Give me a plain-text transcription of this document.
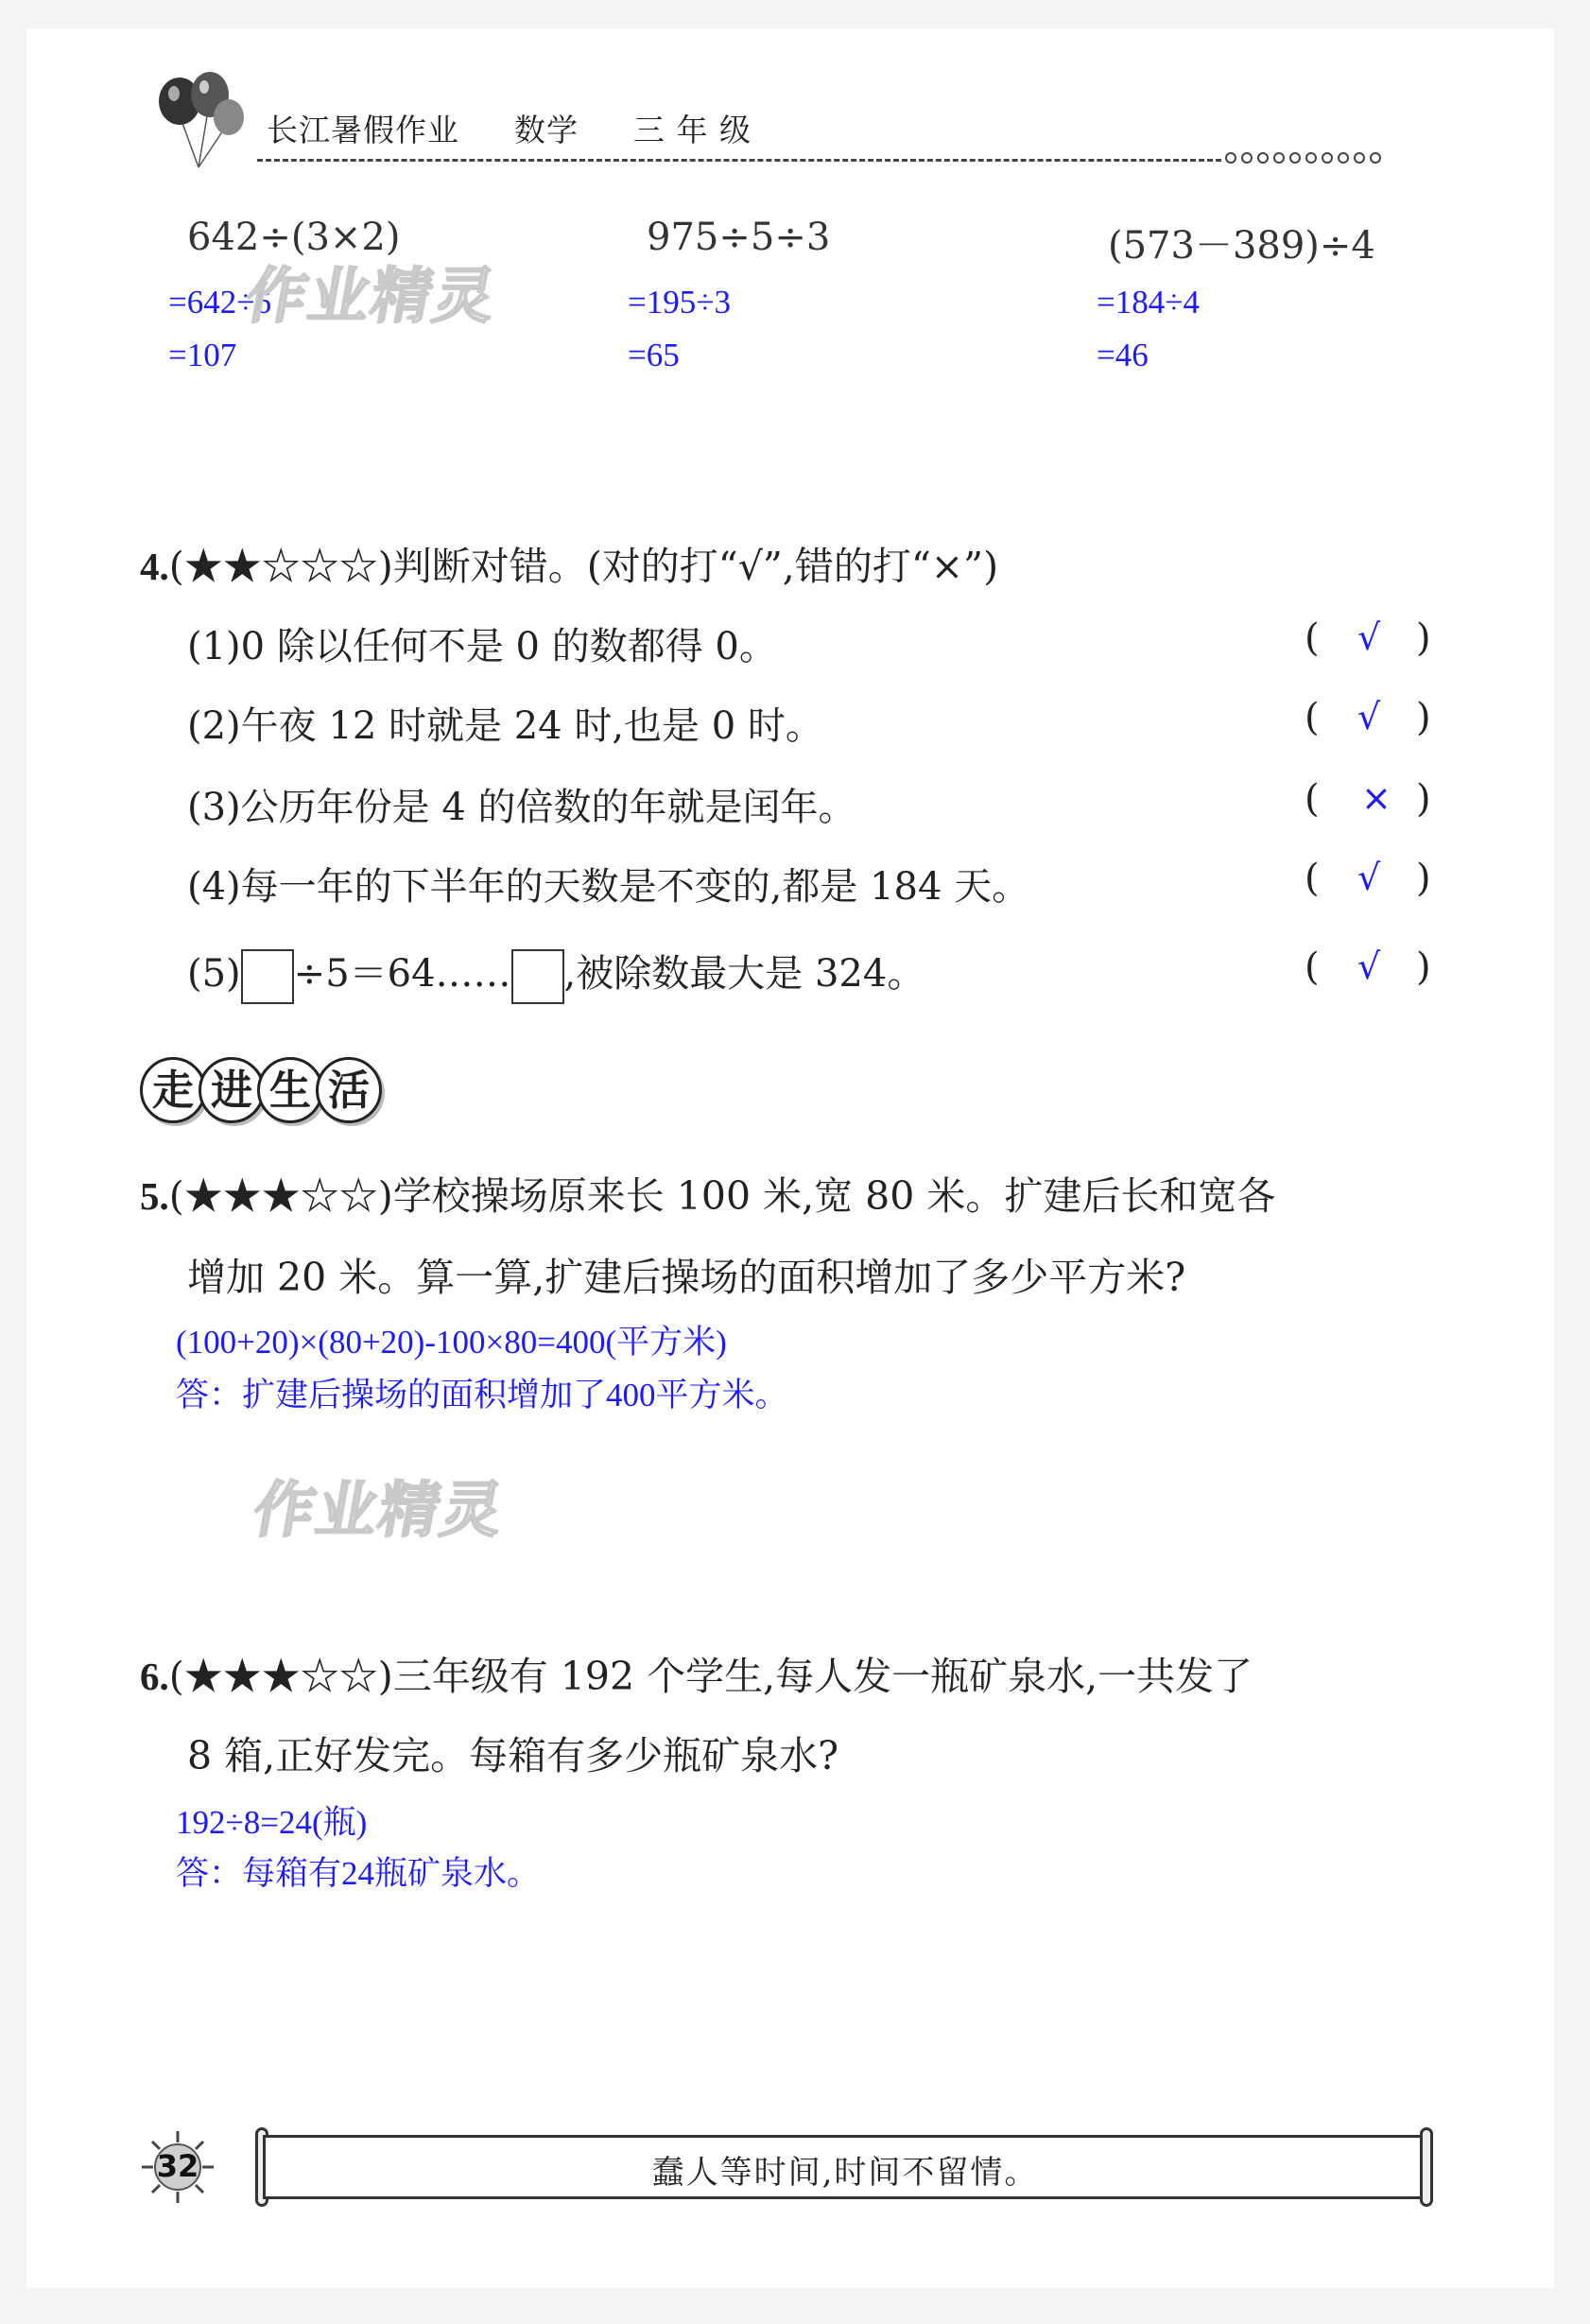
长江暑假作业 数学 三 年 级
642÷(3×2)
=642÷6
=107
975÷5÷3
=195÷3
=65
(573－389)÷4
=184÷4
=46
作业精灵
4.(★★☆☆☆)判断对错。(对的打“√”,错的打“×”)
(1)0 除以任何不是 0 的数都得 0。	( √ )
(2)午夜 12 时就是 24 时,也是 0 时。	( √ )
(3)公历年份是 4 的倍数的年就是闰年。	( × )
(4)每一年的下半年的天数是不变的,都是 184 天。	( √ )
(5) ÷5＝64…… ,被除数最大是 324。	( √ )
走 进 生 活
5.(★★★☆☆)学校操场原来长 100 米,宽 80 米。扩建后长和宽各
增加 20 米。算一算,扩建后操场的面积增加了多少平方米?
(100+20)×(80+20)-100×80=400(平方米)
答：扩建后操场的面积增加了400平方米。
作业精灵
6.(★★★☆☆)三年级有 192 个学生,每人发一瓶矿泉水,一共发了
8 箱,正好发完。每箱有多少瓶矿泉水?
192÷8=24(瓶)
答：每箱有24瓶矿泉水。
32	蠢人等时间,时间不留情。
